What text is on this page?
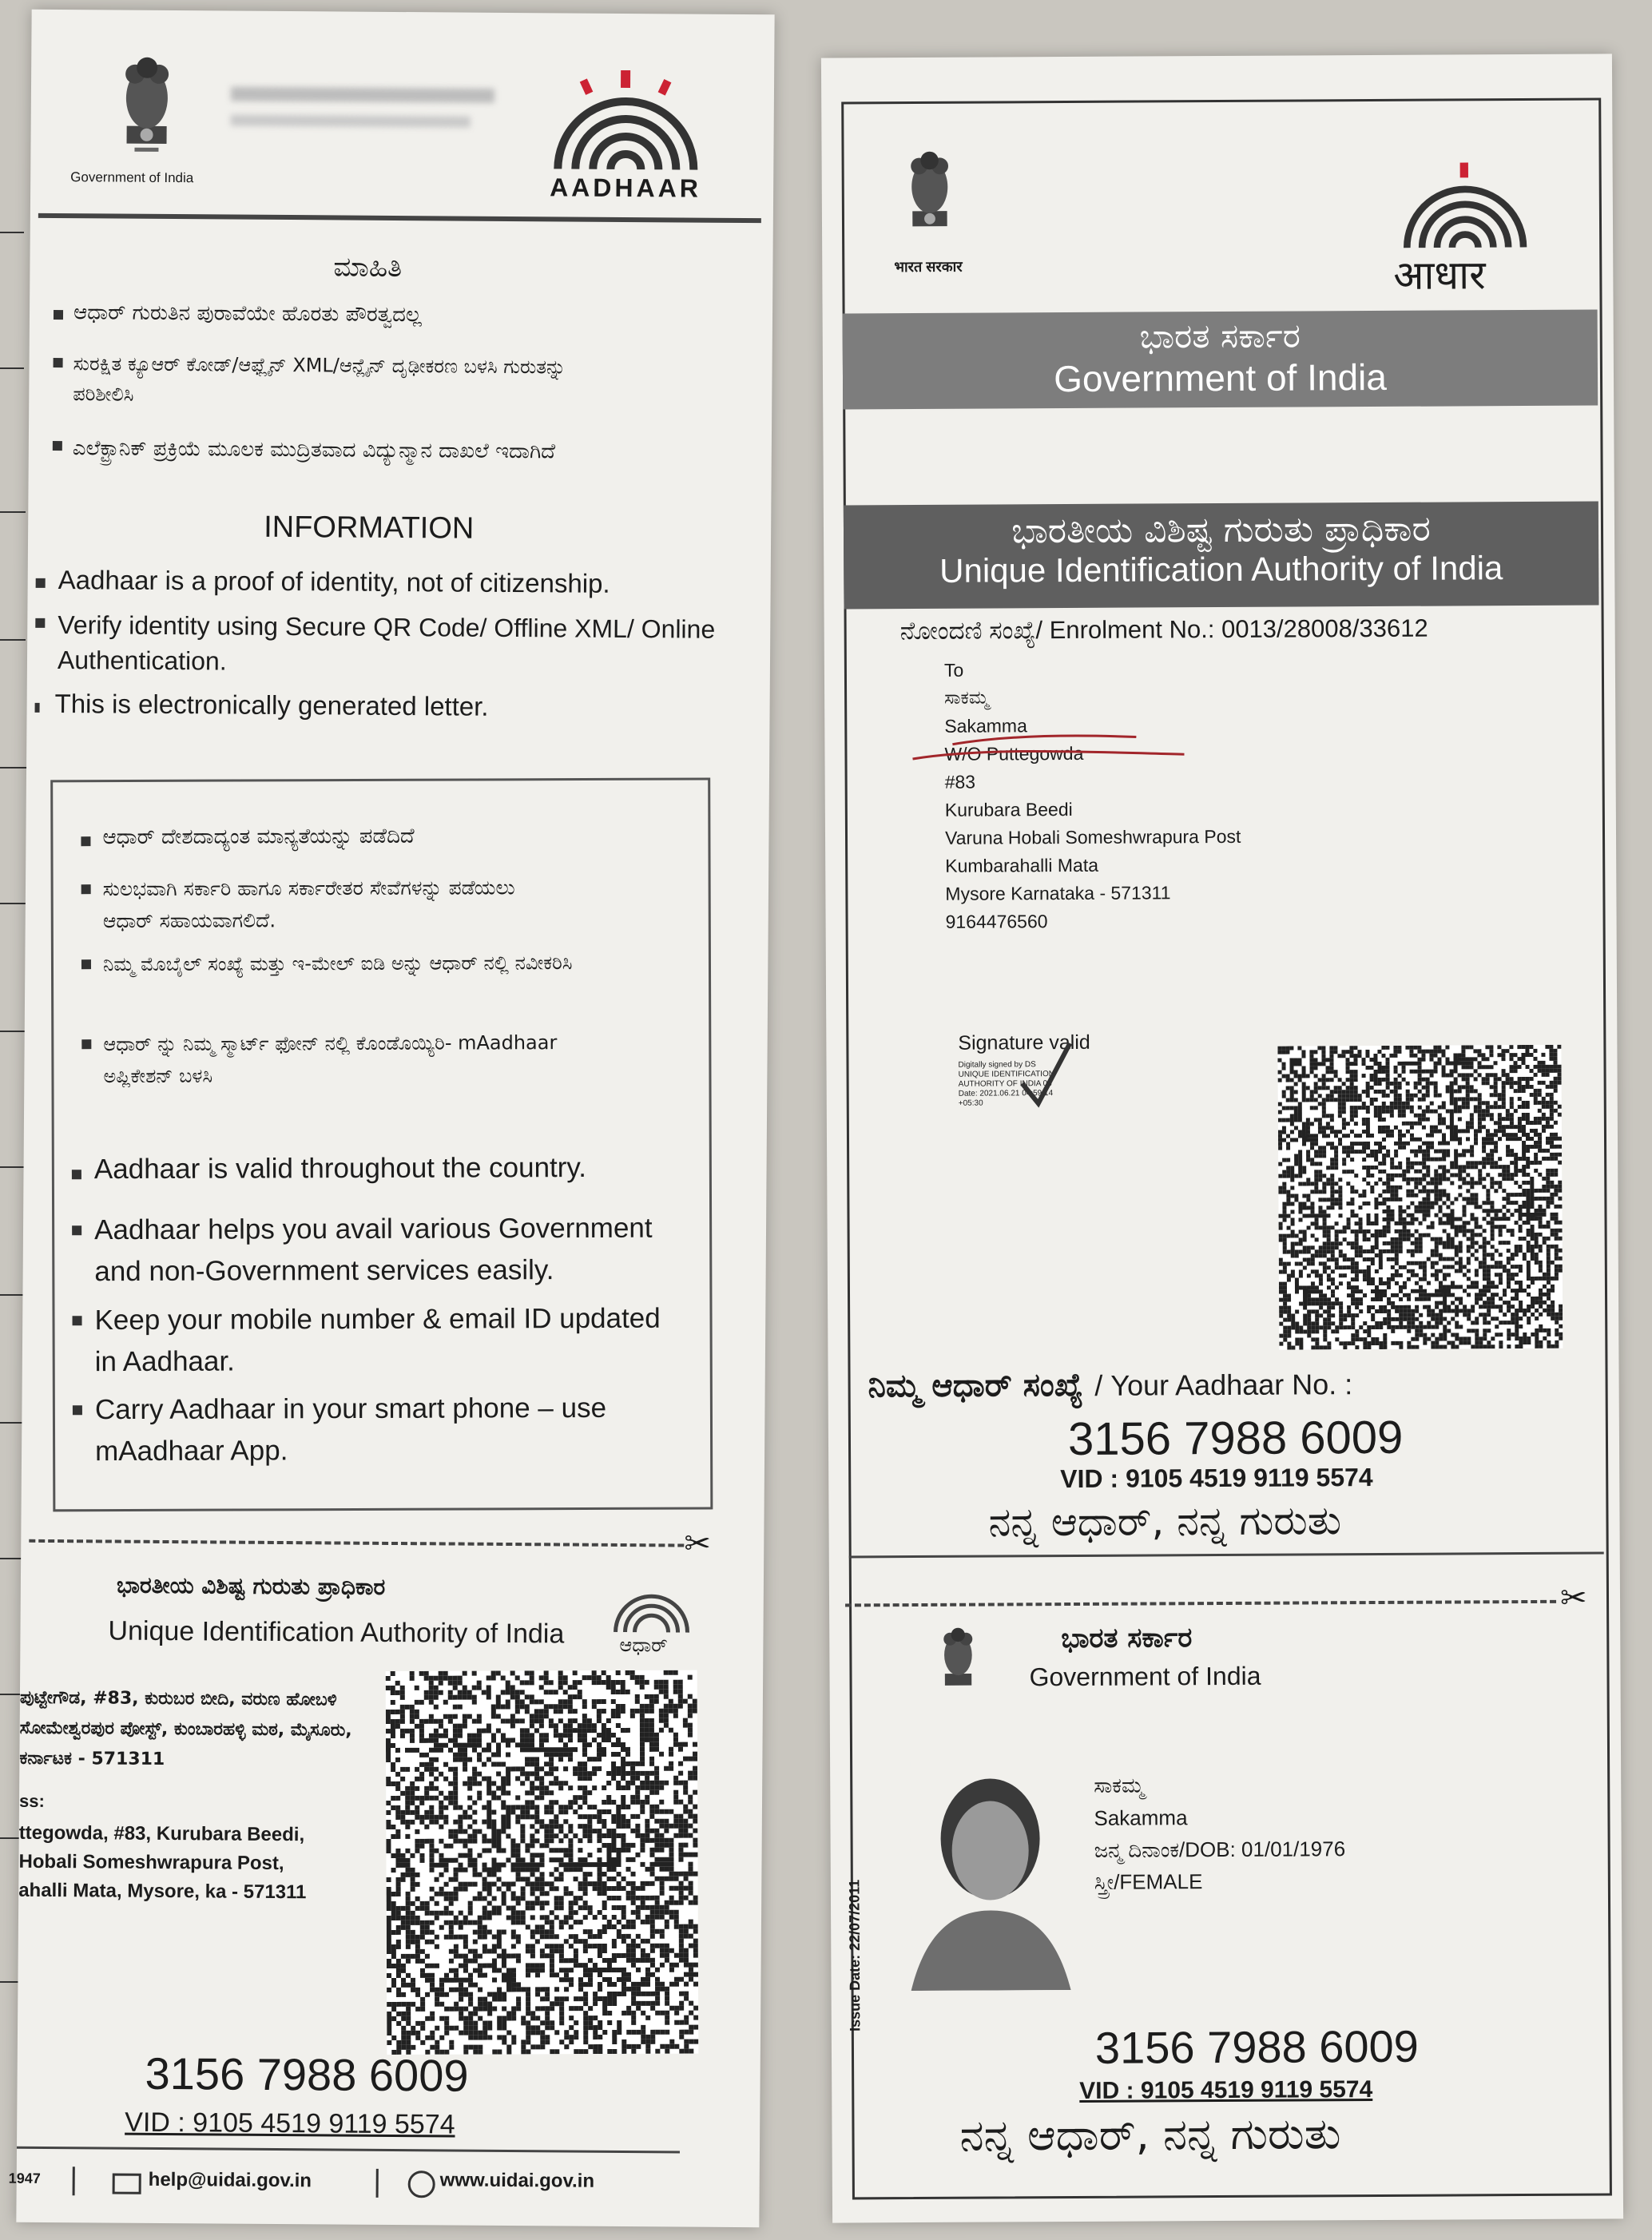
Government of India	AADHAAR
ಮಾಹಿತಿ
ಆಧಾರ್ ಗುರುತಿನ ಪುರಾವೆಯೇ ಹೊರತು ಪೌರತ್ವದಲ್ಲ
ಸುರಕ್ಷಿತ ಕ್ಯೂಆರ್ ಕೋಡ್/ಆಫ್ಲೈನ್ XML/ಆನ್ಲೈನ್ ದೃಢೀಕರಣ ಬಳಸಿ ಗುರುತನ್ನು ಪರಿಶೀಲಿಸಿ
ಎಲೆಕ್ಟ್ರಾನಿಕ್ ಪ್ರಕ್ರಿಯೆ ಮೂಲಕ ಮುದ್ರಿತವಾದ ವಿದ್ಯುನ್ಮಾನ ದಾಖಲೆ ಇದಾಗಿದೆ
INFORMATION
Aadhaar is a proof of identity, not of citizenship.
Verify identity using Secure QR Code/ Offline XML/ Online Authentication.
This is electronically generated letter.
ಆಧಾರ್ ದೇಶದಾದ್ಯಂತ ಮಾನ್ಯತೆಯನ್ನು ಪಡೆದಿದೆ
ಸುಲಭವಾಗಿ ಸರ್ಕಾರಿ ಹಾಗೂ ಸರ್ಕಾರೇತರ ಸೇವೆಗಳನ್ನು ಪಡೆಯಲು ಆಧಾರ್ ಸಹಾಯವಾಗಲಿದೆ.
ನಿಮ್ಮ ಮೊಬೈಲ್ ಸಂಖ್ಯೆ ಮತ್ತು ಇ-ಮೇಲ್ ಐಡಿ ಅನ್ನು ಆಧಾರ್ ನಲ್ಲಿ ನವೀಕರಿಸಿ
ಆಧಾರ್ ನ್ನು ನಿಮ್ಮ ಸ್ಮಾರ್ಟ್ ಫೋನ್ ನಲ್ಲಿ ಕೊಂಡೊಯ್ಯಿರಿ- mAadhaar ಅಪ್ಲಿಕೇಶನ್ ಬಳಸಿ
Aadhaar is valid throughout the country.
Aadhaar helps you avail various Government and non-Government services easily.
Keep your mobile number & email ID updated in Aadhaar.
Carry Aadhaar in your smart phone – use mAadhaar App.
✂
ಭಾರತೀಯ ವಿಶಿಷ್ಟ ಗುರುತು ಪ್ರಾಧಿಕಾರ
Unique Identification Authority of India	ಆಧಾರ್
ಪುಟ್ಟೇಗೌಡ, #83, ಕುರುಬರ ಬೀದಿ, ವರುಣ ಹೋಬಳಿ ಸೋಮೇಶ್ವರಪುರ ಪೋಸ್ಟ್, ಕುಂಬಾರಹಳ್ಳಿ ಮಠ, ಮೈಸೂರು, ಕರ್ನಾಟಕ - 571311
ss:
ttegowda, #83, Kurubara Beedi, Hobali Someshwrapura Post, ahalli Mata, Mysore, ka - 571311
3156 7988 6009
VID : 9105 4519 9119 5574
1947	help@uidai.gov.in	www.uidai.gov.in
भारत सरकार	आधार
ಭಾರತ ಸರ್ಕಾರ
Government of India
ಭಾರತೀಯ ವಿಶಿಷ್ಟ ಗುರುತು ಪ್ರಾಧಿಕಾರ
Unique Identification Authority of India
ನೋಂದಣಿ ಸಂಖ್ಯೆ/ Enrolment No.: 0013/28008/33612
To
ಸಾಕಮ್ಮ
Sakamma
W/O Puttegowda
#83
Kurubara Beedi
Varuna Hobali Someshwrapura Post
Kumbarahalli Mata
Mysore Karnataka - 571311
9164476560
Signature valid
Digitally signed by DS
UNIQUE IDENTIFICATION
AUTHORITY OF INDIA 05
Date: 2021.06.21 04:59:14
+05:30
ನಿಮ್ಮ ಆಧಾರ್ ಸಂಖ್ಯೆ / Your Aadhaar No. :
3156 7988 6009
VID : 9105 4519 9119 5574
ನನ್ನ ಆಧಾರ್, ನನ್ನ ಗುರುತು
✂
ಭಾರತ ಸರ್ಕಾರ
Government of India
Issue Date: 22/07/2011
ಸಾಕಮ್ಮ
Sakamma
ಜನ್ಮ ದಿನಾಂಕ/DOB: 01/01/1976
ಸ್ತ್ರೀ/FEMALE
3156 7988 6009
VID : 9105 4519 9119 5574
ನನ್ನ ಆಧಾರ್, ನನ್ನ ಗುರುತು
